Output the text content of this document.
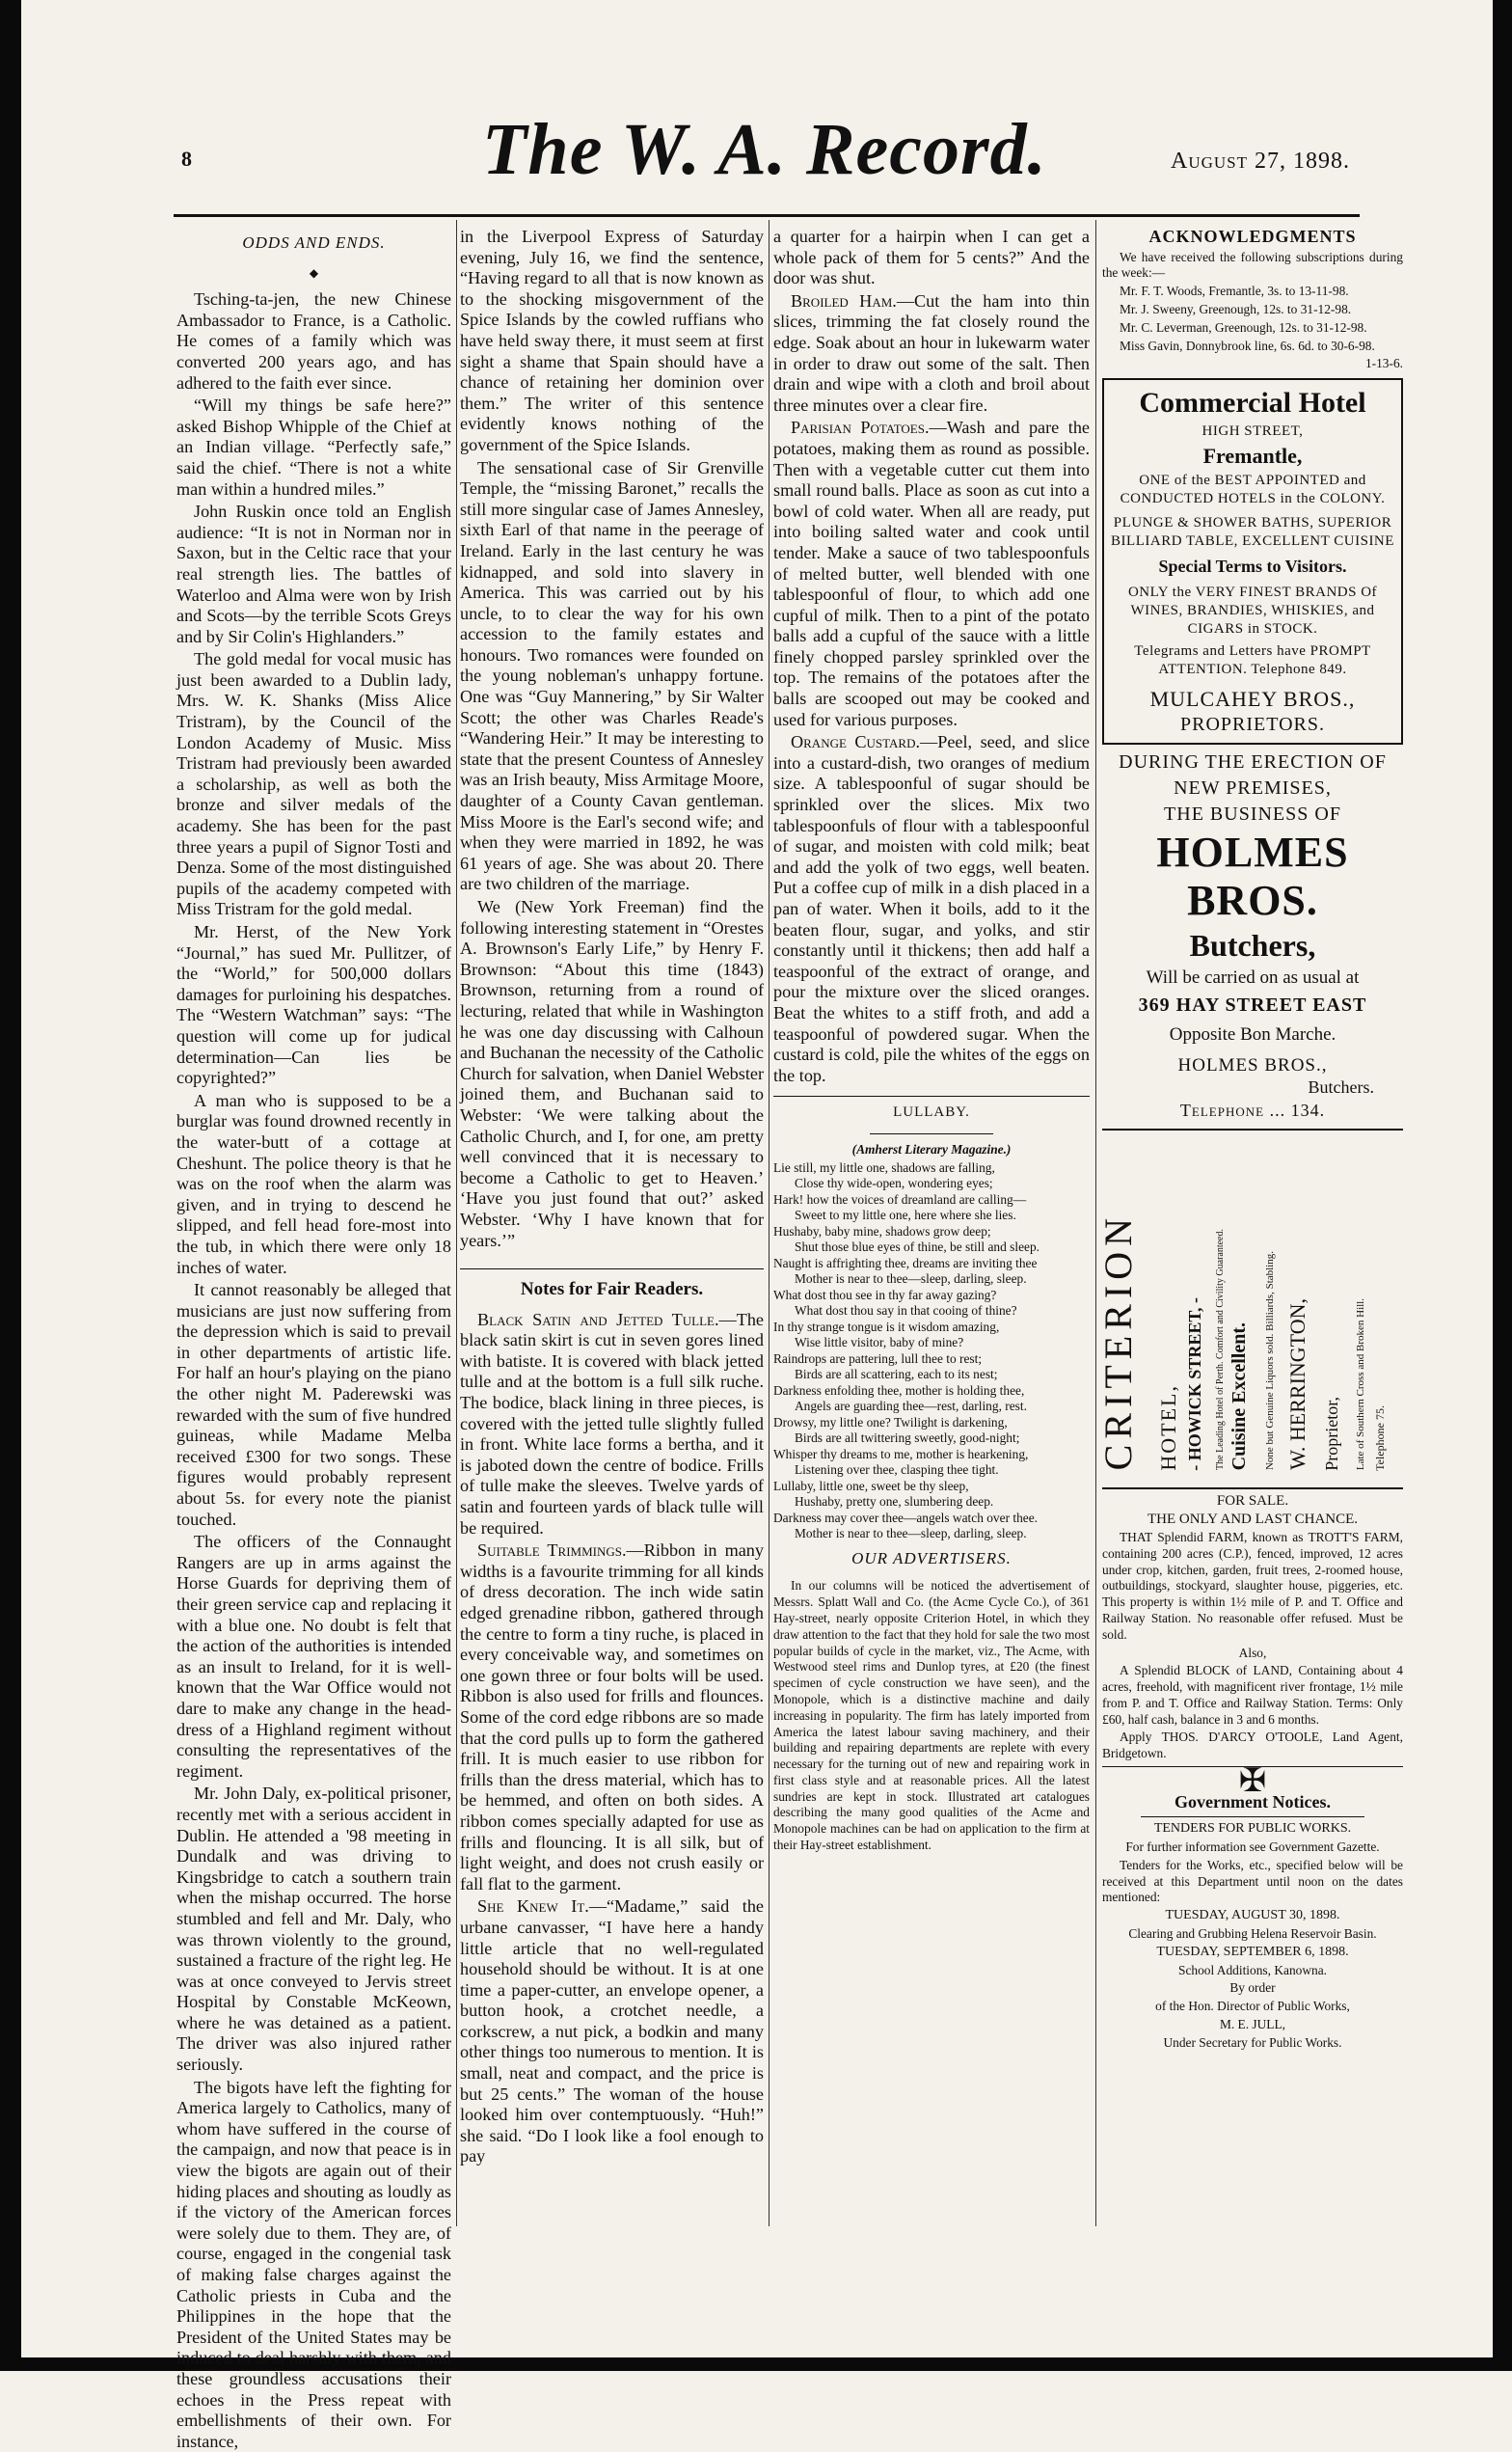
8	The W. A. Record.	August 27, 1898.

ODDS AND ENDS.

◆

Tsching-ta-jen, the new Chinese Ambassador to France, is a Catholic. He comes of a family which was converted 200 years ago, and has adhered to the faith ever since.

“Will my things be safe here?” asked Bishop Whipple of the Chief at an Indian village. “Perfectly safe,” said the chief. “There is not a white man within a hundred miles.”

John Ruskin once told an English audience: “It is not in Norman nor in Saxon, but in the Celtic race that your real strength lies. The battles of Waterloo and Alma were won by Irish and Scots—by the terrible Scots Greys and by Sir Colin's Highlanders.”

The gold medal for vocal music has just been awarded to a Dublin lady, Mrs. W. K. Shanks (Miss Alice Tristram), by the Council of the London Academy of Music. Miss Tristram had previously been awarded a scholarship, as well as both the bronze and silver medals of the academy. She has been for the past three years a pupil of Signor Tosti and Denza. Some of the most distinguished pupils of the academy competed with Miss Tristram for the gold medal.

Mr. Herst, of the New York “Journal,” has sued Mr. Pullitzer, of the “World,” for 500,000 dollars damages for purloining his despatches. The “Western Watchman” says: “The question will come up for judical determination—Can lies be copyrighted?”

A man who is supposed to be a burglar was found drowned recently in the water-butt of a cottage at Cheshunt. The police theory is that he was on the roof when the alarm was given, and in trying to descend he slipped, and fell head fore-most into the tub, in which there were only 18 inches of water.

It cannot reasonably be alleged that musicians are just now suffering from the depression which is said to prevail in other departments of artistic life. For half an hour's playing on the piano the other night M. Paderewski was rewarded with the sum of five hundred guineas, while Madame Melba received £300 for two songs. These figures would probably represent about 5s. for every note the pianist touched.

The officers of the Connaught Rangers are up in arms against the Horse Guards for depriving them of their green service cap and replacing it with a blue one. No doubt is felt that the action of the authorities is intended as an insult to Ireland, for it is well-known that the War Office would not dare to make any change in the head-dress of a Highland regiment without consulting the representatives of the regiment.

Mr. John Daly, ex-political prisoner, recently met with a serious accident in Dublin. He attended a '98 meeting in Dundalk and was driving to Kingsbridge to catch a southern train when the mishap occurred. The horse stumbled and fell and Mr. Daly, who was thrown violently to the ground, sustained a fracture of the right leg. He was at once conveyed to Jervis street Hospital by Constable McKeown, where he was detained as a patient. The driver was also injured rather seriously.

The bigots have left the fighting for America largely to Catholics, many of whom have suffered in the course of the campaign, and now that peace is in view the bigots are again out of their hiding places and shouting as loudly as if the victory of the American forces were solely due to them. They are, of course, engaged in the congenial task of making false charges against the Catholic priests in Cuba and the Philippines in the hope that the President of the United States may be induced to deal harshly with them, and these groundless accusations their echoes in the Press repeat with embellishments of their own. For instance,

in the Liverpool Express of Saturday evening, July 16, we find the sentence, “Having regard to all that is now known as to the shocking misgovernment of the Spice Islands by the cowled ruffians who have held sway there, it must seem at first sight a shame that Spain should have a chance of retaining her dominion over them.” The writer of this sentence evidently knows nothing of the government of the Spice Islands.

The sensational case of Sir Grenville Temple, the “missing Baronet,” recalls the still more singular case of James Annesley, sixth Earl of that name in the peerage of Ireland. Early in the last century he was kidnapped, and sold into slavery in America. This was carried out by his uncle, to to clear the way for his own accession to the family estates and honours. Two romances were founded on the young nobleman's unhappy fortune. One was “Guy Mannering,” by Sir Walter Scott; the other was Charles Reade's “Wandering Heir.” It may be interesting to state that the present Countess of Annesley was an Irish beauty, Miss Armitage Moore, daughter of a County Cavan gentleman. Miss Moore is the Earl's second wife; and when they were married in 1892, he was 61 years of age. She was about 20. There are two children of the marriage.

We (New York Freeman) find the following interesting statement in “Orestes A. Brownson's Early Life,” by Henry F. Brownson: “About this time (1843) Brownson, returning from a round of lecturing, related that while in Washington he was one day discussing with Calhoun and Buchanan the necessity of the Catholic Church for salvation, when Daniel Webster joined them, and Buchanan said to Webster: ‘We were talking about the Catholic Church, and I, for one, am pretty well convinced that it is necessary to become a Catholic to get to Heaven.’ ‘Have you just found that out?’ asked Webster. ‘Why I have known that for years.’”

Notes for Fair Readers.

Black Satin and Jetted Tulle.—The black satin skirt is cut in seven gores lined with batiste. It is covered with black jetted tulle and at the bottom is a full silk ruche. The bodice, black lining in three pieces, is covered with the jetted tulle slightly fulled in front. White lace forms a bertha, and it is jaboted down the centre of bodice. Frills of tulle make the sleeves. Twelve yards of satin and fourteen yards of black tulle will be required.

Suitable Trimmings.—Ribbon in many widths is a favourite trimming for all kinds of dress decoration. The inch wide satin edged grenadine ribbon, gathered through the centre to form a tiny ruche, is placed in every conceivable way, and sometimes on one gown three or four bolts will be used. Ribbon is also used for frills and flounces. Some of the cord edge ribbons are so made that the cord pulls up to form the gathered frill. It is much easier to use ribbon for frills than the dress material, which has to be hemmed, and often on both sides. A ribbon comes specially adapted for use as frills and flouncing. It is all silk, but of light weight, and does not crush easily or fall flat to the garment.

She Knew It.—“Madame,” said the urbane canvasser, “I have here a handy little article that no well-regulated household should be without. It is at one time a paper-cutter, an envelope opener, a button hook, a crotchet needle, a corkscrew, a nut pick, a bodkin and many other things too numerous to mention. It is small, neat and compact, and the price is but 25 cents.” The woman of the house looked him over contemptuously. “Huh!” she said. “Do I look like a fool enough to pay

a quarter for a hairpin when I can get a whole pack of them for 5 cents?” And the door was shut.

Broiled Ham.—Cut the ham into thin slices, trimming the fat closely round the edge. Soak about an hour in lukewarm water in order to draw out some of the salt. Then drain and wipe with a cloth and broil about three minutes over a clear fire.

Parisian Potatoes.—Wash and pare the potatoes, making them as round as possible. Then with a vegetable cutter cut them into small round balls. Place as soon as cut into a bowl of cold water. When all are ready, put into boiling salted water and cook until tender. Make a sauce of two tablespoonfuls of melted butter, well blended with one tablespoonful of flour, to which add one cupful of milk. Then to a pint of the potato balls add a cupful of the sauce with a little finely chopped parsley sprinkled over the top. The remains of the potatoes after the balls are scooped out may be cooked and used for various purposes.

Orange Custard.—Peel, seed, and slice into a custard-dish, two oranges of medium size. A tablespoonful of sugar should be sprinkled over the slices. Mix two tablespoonfuls of flour with a tablespoonful of sugar, and moisten with cold milk; beat and add the yolk of two eggs, well beaten. Put a coffee cup of milk in a dish placed in a pan of water. When it boils, add to it the beaten flour, sugar, and yolks, and stir constantly until it thickens; then add half a teaspoonful of the extract of orange, and pour the mixture over the sliced oranges. Beat the whites to a stiff froth, and add a teaspoonful of powdered sugar. When the custard is cold, pile the whites of the eggs on the top.

LULLABY.

(Amherst Literary Magazine.)

Lie still, my little one, shadows are falling,

Close thy wide-open, wondering eyes;

Hark! how the voices of dreamland are calling—

Sweet to my little one, here where she lies.

Hushaby, baby mine, shadows grow deep;

Shut those blue eyes of thine, be still and sleep.

Naught is affrighting thee, dreams are inviting thee

Mother is near to thee—sleep, darling, sleep.

What dost thou see in thy far away gazing?

What dost thou say in that cooing of thine?

In thy strange tongue is it wisdom amazing,

Wise little visitor, baby of mine?

Raindrops are pattering, lull thee to rest;

Birds are all scattering, each to its nest;

Darkness enfolding thee, mother is holding thee,

Angels are guarding thee—rest, darling, rest.

Drowsy, my little one? Twilight is darkening,

Birds are all twittering sweetly, good-night;

Whisper thy dreams to me, mother is hearkening,

Listening over thee, clasping thee tight.

Lullaby, little one, sweet be thy sleep,

Hushaby, pretty one, slumbering deep.

Darkness may cover thee—angels watch over thee.

Mother is near to thee—sleep, darling, sleep.

OUR ADVERTISERS.

In our columns will be noticed the advertisement of Messrs. Splatt Wall and Co. (the Acme Cycle Co.), of 361 Hay-street, nearly opposite Criterion Hotel, in which they draw attention to the fact that they hold for sale the two most popular builds of cycle in the market, viz., The Acme, with Westwood steel rims and Dunlop tyres, at £20 (the finest specimen of cycle construction we have seen), and the Monopole, which is a distinctive machine and daily increasing in popularity. The firm has lately imported from America the latest labour saving machinery, and their building and repairing departments are replete with every necessary for the turning out of new and repairing work in first class style and at reasonable prices. All the latest sundries are kept in stock. Illustrated art catalogues describing the many good qualities of the Acme and Monopole machines can be had on application to the firm at their Hay-street establishment.

ACKNOWLEDGMENTS

We have received the following subscriptions during the week:—

Mr. F. T. Woods, Fremantle, 3s. to 13-11-98.

Mr. J. Sweeny, Greenough, 12s. to 31-12-98.

Mr. C. Leverman, Greenough, 12s. to 31-12-98.

Miss Gavin, Donnybrook line, 6s. 6d. to 30-6-98.

1-13-6.

Commercial Hotel

HIGH STREET,

Fremantle,

ONE of the BEST APPOINTED and CONDUCTED HOTELS in the COLONY.

PLUNGE & SHOWER BATHS, SUPERIOR BILLIARD TABLE, EXCELLENT CUISINE

Special Terms to Visitors.

ONLY the VERY FINEST BRANDS Of WINES, BRANDIES, WHISKIES, and CIGARS in STOCK.

Telegrams and Letters have PROMPT ATTENTION. Telephone 849.

MULCAHEY BROS.,

PROPRIETORS.

DURING THE ERECTION OF

NEW PREMISES,

THE BUSINESS OF

HOLMES BROS.

Butchers,

Will be carried on as usual at

369 HAY STREET EAST

Opposite Bon Marche.

HOLMES BROS.,

Butchers.

Telephone ... 134.

CRITERION HOTEL, - HOWICK STREET, -	The Leading Hotel of Perth. Comfort and Civility Guaranteed. Cuisine Excellent.	None but Genuine Liquors sold. Billiards, Stabling. W. HERRINGTON, Proprietor,	Late of Southern Cross and Broken Hill. Telephone 75.

FOR SALE.

THE ONLY AND LAST CHANCE.

THAT Splendid FARM, known as TROTT'S FARM, containing 200 acres (C.P.), fenced, improved, 12 acres under crop, kitchen, garden, fruit trees, 2-roomed house, outbuildings, stockyard, slaughter house, piggeries, etc. This property is within 1½ mile of P. and T. Office and Railway Station. No reasonable offer refused. Must be sold.

Also,

A Splendid BLOCK of LAND, Containing about 4 acres, freehold, with magnificent river frontage, 1½ mile from P. and T. Office and Railway Station. Terms: Only £60, half cash, balance in 3 and 6 months.

Apply THOS. D'ARCY O'TOOLE, Land Agent, Bridgetown.

✠

Government Notices.

TENDERS FOR PUBLIC WORKS.

For further information see Government Gazette.

Tenders for the Works, etc., specified below will be received at this Department until noon on the dates mentioned:

TUESDAY, AUGUST 30, 1898.

Clearing and Grubbing Helena Reservoir Basin.

TUESDAY, SEPTEMBER 6, 1898.

School Additions, Kanowna.

By order

of the Hon. Director of Public Works,

M. E. JULL,

Under Secretary for Public Works.
